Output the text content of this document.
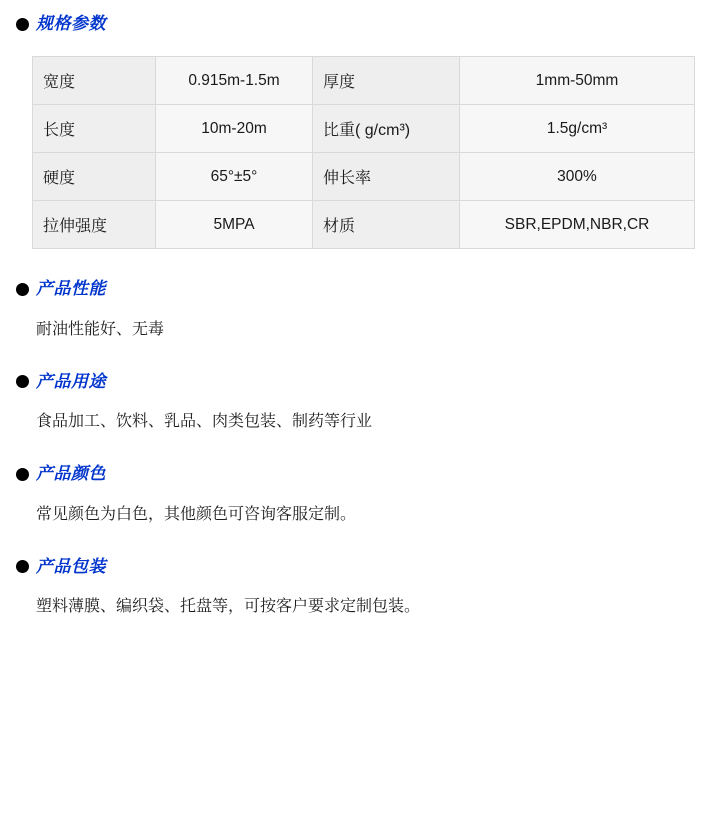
规格参数
宽度	0.915m-1.5m	厚度	1mm-50mm
长度	10m-20m	比重( g/cm³)	1.5g/cm³
硬度	65°±5°	伸长率	300%
拉伸强度	5MPA	材质	SBR,EPDM,NBR,CR
产品性能
耐油性能好、无毒
产品用途
食品加工、饮料、乳品、肉类包装、制药等行业
产品颜色
常见颜色为白色，其他颜色可咨询客服定制。
产品包装
塑料薄膜、编织袋、托盘等，可按客户要求定制包装。
